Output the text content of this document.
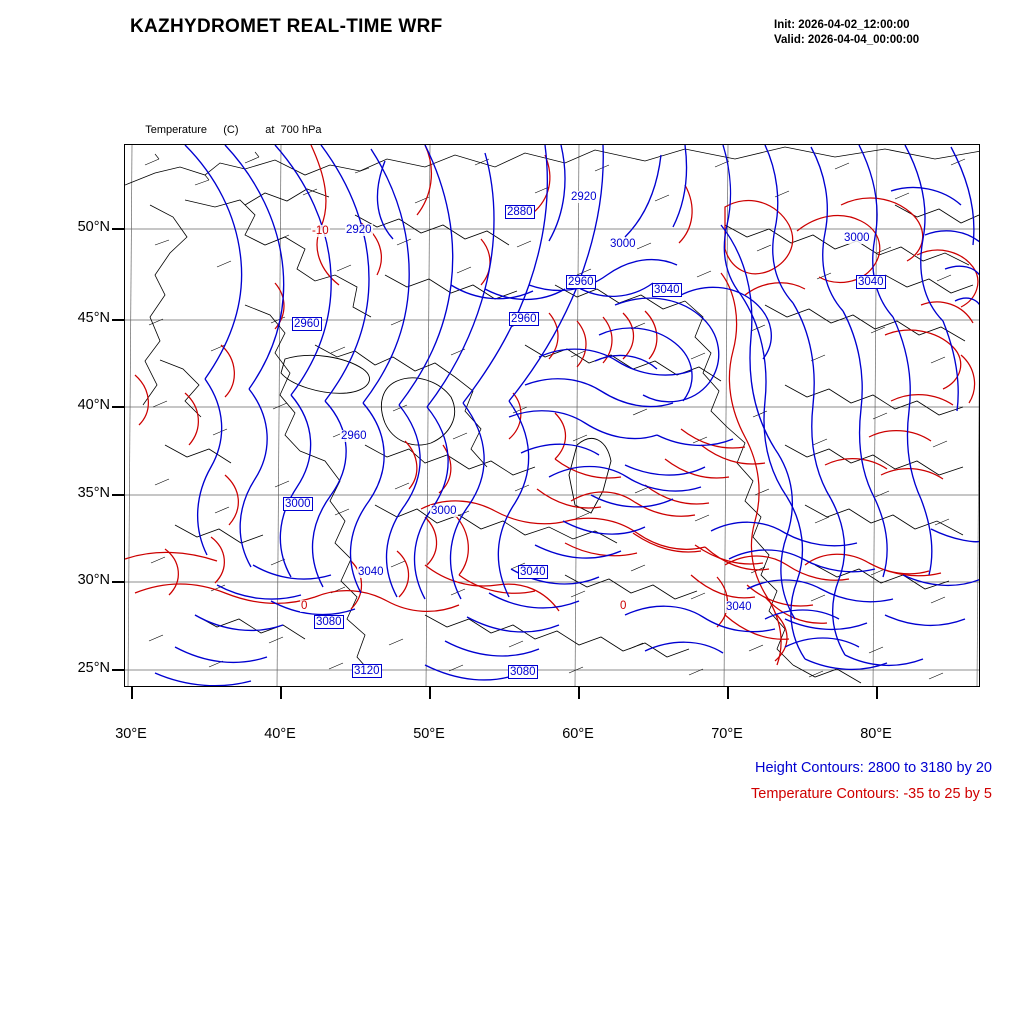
KAZHYDROMET REAL-TIME WRF	Init: 2026-04-02_12:00:00
Valid: 2026-04-04_00:00:00

Temperature (C) at 700 hPa

50°N
45°N
40°N
35°N
30°N
25°N
30°E	40°E	50°E	60°E	70°E	80°E
2880
2920
2920
-10
3000	3000
2960
3040
3040
2960	2960
2960
3000
3000
3040	3040
3040
0	0
3080
3120	3080
Height Contours: 2800 to 3180 by 20
Temperature Contours: -35 to 25 by 5
